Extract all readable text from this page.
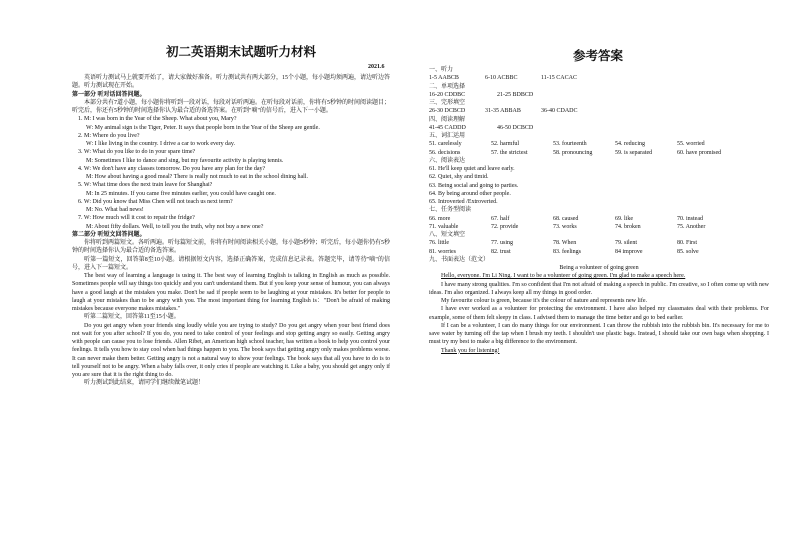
初二英语期末试题听力材料
2021.6

英语听力测试马上就要开始了，请大家做好准备。听力测试共有两大部分，15个小题，每小题均须两遍，请边听边答题。听力测试现在开始。

第一部分 听对话回答问题。

本部分共有7道小题，每小题你将听到一段对话，每段对话听两遍。在听每段对话前，你将有5秒钟的时间阅读题目；听完后，你还有5秒钟的时间选择你认为最合适的备选答案。在听到"嘀"的信号后，进入下一小题。

1. M: I was born in the Year of the Sheep. What about you, Mary?

W: My animal sign is the Tiger, Peter. It says that people born in the Year of the Sheep are gentle.

2. M: Where do you live?

W: I like living in the country. I drive a car to work every day.

3. W: What do you like to do in your spare time?

M: Sometimes I like to dance and sing, but my favourite activity is playing tennis.

4. W: We don't have any classes tomorrow. Do you have any plan for the day?

M: How about having a good meal? There is really not much to eat in the school dining hall.

5. W: What time does the next train leave for Shanghai?

M: In 25 minutes. If you came five minutes earlier, you could have caught one.

6. W: Did you know that Miss Chen will not teach us next term?

M: No. What bad news!

7. W: How much will it cost to repair the fridge?

M: About fifty dollars. Well, to tell you the truth, why not buy a new one?

第二部分 听短文回答问题。

你将听到两篇短文。各听两遍。听每篇短文前，你将有时间阅读相关小题，每小题5秒钟；听完后，每小题你仍有5秒钟的时间选择你认为最合适的备选答案。

听第一篇短文，回答第8至10小题。请根据短文内容，选择正确答案，完成信息记录表。答题完毕，请等待"嘀"的信号，进入下一篇短文。

The best way of learning a language is using it. The best way of learning English is talking in English as much as possible. Sometimes people will say things too quickly and you can't understand them. But if you keep your sense of humour, you can always have a good laugh at the mistakes you make. Don't be sad if people seem to be laughing at your mistakes. It's better for people to laugh at your mistakes than to be angry with you. The most important thing for learning English is："Don't be afraid of making mistakes because everyone makes mistakes."

听第二篇短文，回答第11至15小题。

Do you get angry when your friends sing loudly while you are trying to study? Do you get angry when your best friend does not wait for you after school? If you do, you need to take control of your feelings and stop getting angry so easily. Getting angry with people can cause you to lose friends. Allen Ribet, an American high school teacher, has written a book to help you control your feelings. It tells you how to stay cool when bad things happen to you. The book says that getting angry only makes problems worse. It can never make them better. Getting angry is not a natural way to show your feelings. The book says that all you have to do is to tell yourself not to be angry. When a baby falls over, it only cries if people are watching it. Like a baby, you should get angry only if you are sure that it is the right thing to do.

听力测试到此结束，请同学们继续做笔试题！

参考答案

一、听力

1-5 AABCB	6-10 ACBBC	11-15 CACAC

二、单项选择

16-20 CDDBC	21-25 BDBCD

三、完形填空

26-30 DCBCD	31-35 ABBAB	36-40 CDADC

四、阅读理解

41-45 CADDD	46-50 DCBCD

五、词汇运用

51. carelessly	52. harmful	53. fourteenth	54. reducing	55. worried
56. decisions	57. the strictest	58. pronouncing	59. is separated	60. have promised

六、阅读表达

61. He'll keep quiet and leave early.
62. Quiet, shy and timid.
63. Being social and going to parties.
64. By being around other people.
65. Introverted /Extroverted.

七、任务型阅读

66. more	67. half	68. caused	69. like	70. instead
71. valuable	72. provide	73. works	74. broken	75. Another

八、短文填空

76. little	77. using	78. When	79. silent	80. First
81. worries	82. trust	83. feelings	84 improve	85. solve

九、书面表达（范文）

Being a volunteer of going green

Hello, everyone. I'm Li Ning. I want to be a volunteer of going green. I'm glad to make a speech here.

I have many strong qualities. I'm so confident that I'm not afraid of making a speech in public. I'm creative, so I often come up with new ideas. I'm also organized. I always keep all my things in good order.

My favourite colour is green, because it's the colour of nature and represents new life.

I have ever worked as a volunteer for protecting the environment. I have also helped my classmates deal with their problems. For example, some of them felt sleepy in class. I advised them to manage the time better and go to bed earlier.

If I can be a volunteer, I can do many things for our environment. I can throw the rubbish into the rubbish bin. It's necessary for me to save water by turning off the tap when I brush my teeth. I shouldn't use plastic bags. Instead, I should take our own bags when shopping. I must try my best to make a big difference to the environment.

Thank you for listening!
